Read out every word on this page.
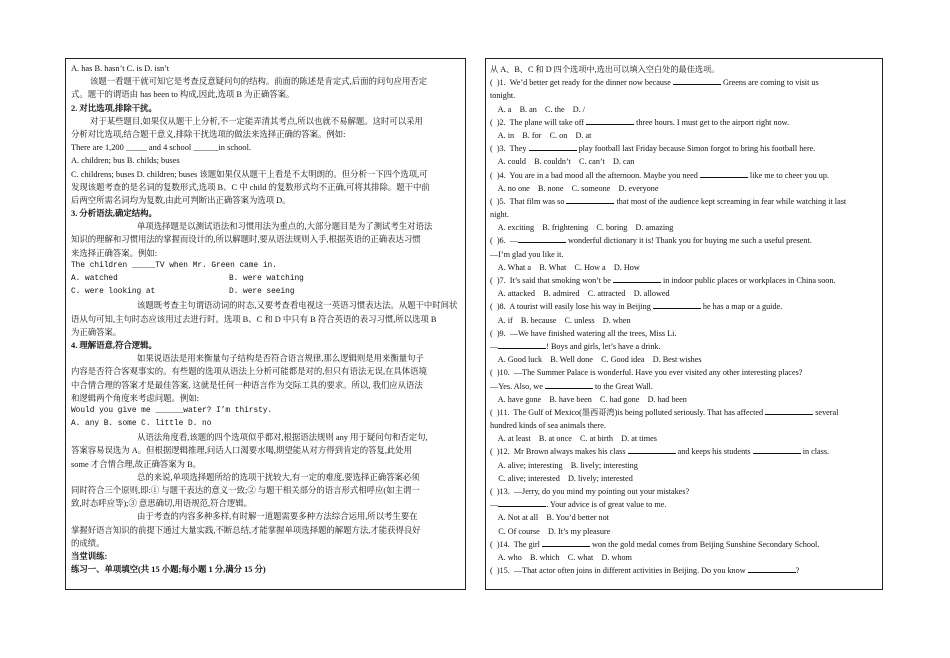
A. has B. hasn’t C. is D. isn’t
该题一看题干就可知它是考查反意疑问句的结构。前面的陈述是肯定式,后面的问句应用否定
式。题干的谓语由 has been to 构成,因此,选项 B 为正确答案。
2. 对比选项,排除干扰。
对于某些题目,如果仅从题干上分析,不一定能弄清其考点,所以也就不易解题。这时可以采用
分析对比选项,结合题干意义,排除干扰选项的做法来选择正确的答案。例如:
There are 1,200 _____ and 4 school ______in school.
A. children; bus B. childs; buses
C. childrens; buses D. children; buses 该题如果仅从题干上看是不太明朗的。但分析一下四个选项,可
发现该题考查的是名词的复数形式,选项 B、C 中 child 的复数形式均不正确,可将其排除。题干中前
后两空所需名词均为复数,由此可判断出正确答案为选项 D。
3. 分析语法,确定结构。
单项选择题是以测试语法和习惯用法为重点的,大部分题目是为了测试考生对语法
知识的理解和习惯用法的掌握而设计的,所以解题时,要从语法规则入手,根据英语的正确表达习惯
来选择正确答案。例如:
The children _____TV when Mr. Green came in.
A. watched	B. were watching
C. were looking at	D. were seeing
该题既考查主句谓语动词的时态,又要考查看电视这一英语习惯表达法。从题干中时间状
语从句可知,主句时态应该用过去进行时。选项 B、C 和 D 中只有 B 符合英语的表习习惯,所以选项 B
为正确答案。
4. 理解语意,符合逻辑。
如果说语法是用来衡量句子结构是否符合语言规律,那么逻辑则是用来衡量句子
内容是否符合客观事实的。有些题的选项从语法上分析可能都是对的,但只有语法无误,在具体语境
中合情合理的答案才是最佳答案, 这就是任何一种语言作为交际工具的要求。所以, 我们应从语法
和逻辑两个角度来考虑问题。例如:
Would you give me ______water? I’m thirsty.
A. any B. some C. little D. no
从语法角度看,该题的四个选项似乎都对,根据语法规则 any 用于疑问句和否定句,
答案容易误选为 A。但根据逻辑推理,问话人口渴要水喝,期望能从对方得到肯定的答复,此处用
some 才合情合理,故正确答案为 B。
总的来说,单项选择题所给的选项干扰较大,有一定的难度,要选择正确答案必须
同时符合三个原则,即:① 与题干表达的意义一致;② 与题干相关部分的语言形式相呼应(如主谓一
致,时态呼应等);③ 意思确切,用语规范,符合逻辑。
由于考查的内容多种多样,有时解一道题需要多种方法综合运用,所以考生要在
掌握好语言知识的前提下通过大量实践,不断总结,才能掌握单项选择题的解题方法,才能获得良好
的成绩。
当堂训练:
练习一、单项填空(共 15 小题;每小题 1 分,满分 15 分)
从 A、B、C 和 D 四个选项中,选出可以填入空白处的最佳选项。
(  )1.  We’d better get ready for the dinner now because	Greens are coming to visit us
tonight.
A. a    B. an    C. the    D. /
(  )2.  The plane will take off	three hours. I must get to the airport right now.
A. in    B. for    C. on    D. at
(  )3.  They	play football last Friday because Simon forgot to bring his football here.
A. could    B. couldn’t    C. can’t    D. can
(  )4.  You are in a bad mood all the afternoon. Maybe you need	like me to cheer you up.
A. no one    B. none    C. someone    D. everyone
(  )5.  That film was so	that most of the audience kept screaming in fear while watching it last
night.
A. exciting    B. frightening    C. boring    D. amazing
(  )6.  —	wonderful dictionary it is! Thank you for buying me such a useful present.
—I’m glad you like it.
A. What a    B. What    C. How a    D. How
(  )7.  It’s said that smoking won’t be	in indoor public places or workplaces in China soon.
A. attacked    B. admired    C. attracted    D. allowed
(  )8.  A tourist will easily lose his way in Beijing	he has a map or a guide.
A. if    B. because    C. unless    D. when
(  )9.  —We have finished watering all the trees, Miss Li.
—	! Boys and girls, let’s have a drink.
A. Good luck    B. Well done    C. Good idea    D. Best wishes
(  )10.  —The Summer Palace is wonderful. Have you ever visited any other interesting places?
—Yes. Also, we	to the Great Wall.
A. have gone    B. have been    C. had gone    D. had been
(  )11.  The Gulf of Mexico(墨西哥湾)is being polluted seriously. That has affected	several
hundred kinds of sea animals there.
A. at least    B. at once    C. at birth    D. at times
(  )12.  Mr Brown always makes his class	and keeps his students	in class.
A. alive; interesting    B. lively; interesting
C. alive; interested    D. lively; interested
(  )13.  —Jerry, do you mind my pointing out your mistakes?
—	. Your advice is of great value to me.
A. Not at all    B. You’d better not
C. Of course    D. It’s my pleasure
(  )14.  The girl	won the gold medal comes from Beijing Sunshine Secondary School.
A. who    B. which    C. what    D. whom
(  )15.  —That actor often joins in different activities in Beijing. Do you know	?
